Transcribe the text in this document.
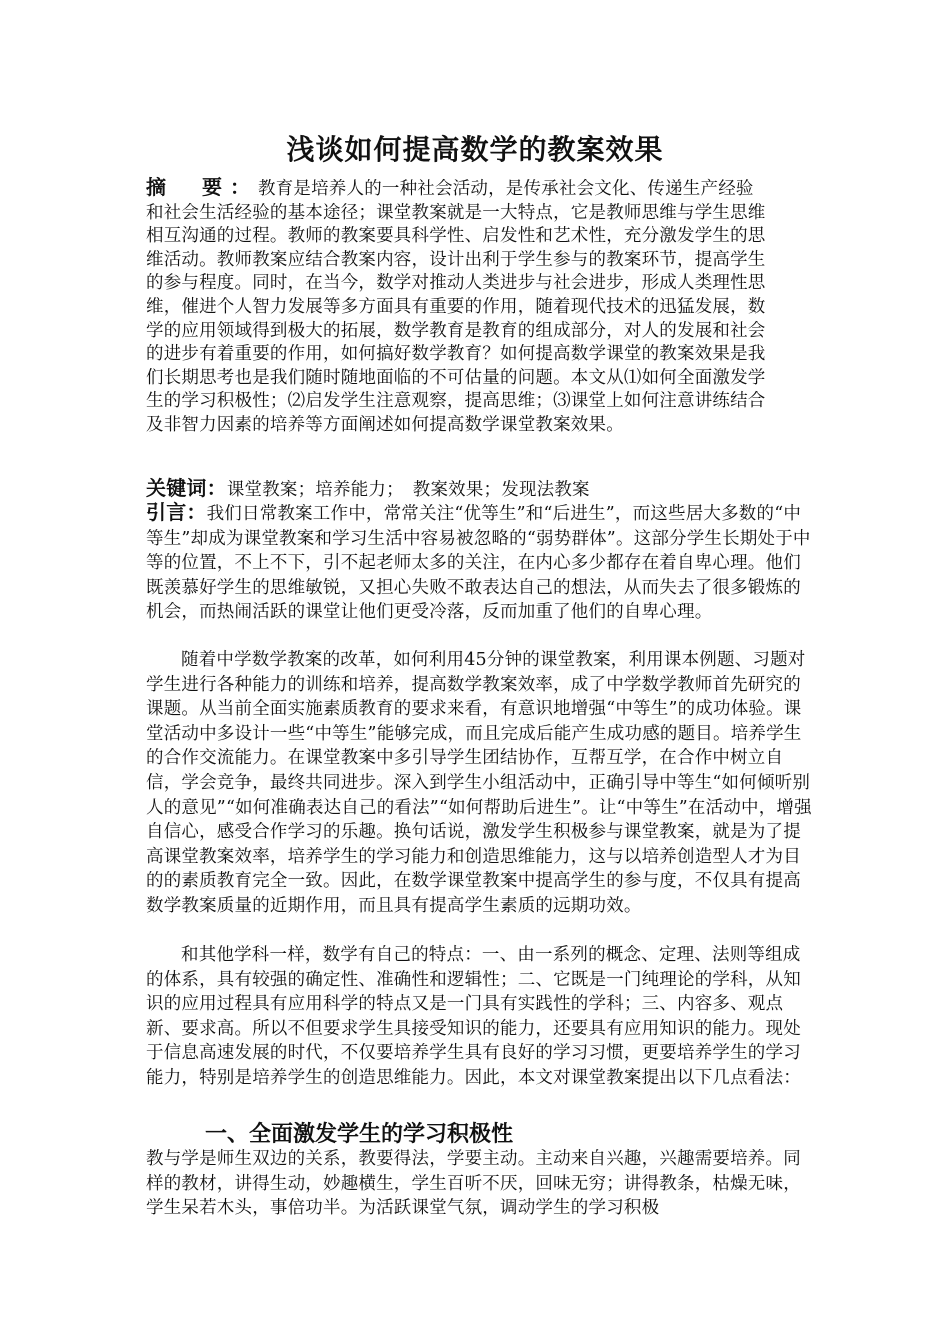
浅谈如何提高数学的教案效果

摘　要：教育是培养人的一种社会活动，是传承社会文化、传递生产经验和社会生活经验的基本途径；课堂教案就是一大特点，它是教师思维与学生思维相互沟通的过程。教师的教案要具科学性、启发性和艺术性，充分激发学生的思维活动。教师教案应结合教案内容，设计出利于学生参与的教案环节，提高学生的参与程度。同时，在当今，数学对推动人类进步与社会进步，形成人类理性思维，催进个人智力发展等多方面具有重要的作用，随着现代技术的迅猛发展，数学的应用领域得到极大的拓展，数学教育是教育的组成部分，对人的发展和社会的进步有着重要的作用，如何搞好数学教育？如何提高数学课堂的教案效果是我们长期思考也是我们随时随地面临的不可估量的问题。本文从⑴如何全面激发学生的学习积极性；⑵启发学生注意观察，提高思维；⑶课堂上如何注意讲练结合及非智力因素的培养等方面阐述如何提高数学课堂教案效果。

关键词：课堂教案；培养能力；　教案效果；发现法教案

引言：我们日常教案工作中，常常关注“优等生”和“后进生”，而这些居大多数的“中等生”却成为课堂教案和学习生活中容易被忽略的“弱势群体”。这部分学生长期处于中等的位置，不上不下，引不起老师太多的关注，在内心多少都存在着自卑心理。他们既羡慕好学生的思维敏锐，又担心失败不敢表达自己的想法，从而失去了很多锻炼的机会，而热闹活跃的课堂让他们更受冷落，反而加重了他们的自卑心理。

随着中学数学教案的改革，如何利用45分钟的课堂教案，利用课本例题、习题对学生进行各种能力的训练和培养，提高数学教案效率，成了中学数学教师首先研究的课题。从当前全面实施素质教育的要求来看，有意识地增强“中等生”的成功体验。课堂活动中多设计一些“中等生”能够完成，而且完成后能产生成功感的题目。培养学生的合作交流能力。在课堂教案中多引导学生团结协作，互帮互学，在合作中树立自信，学会竞争，最终共同进步。深入到学生小组活动中，正确引导中等生“如何倾听别人的意见”“如何准确表达自己的看法”“如何帮助后进生”。让“中等生”在活动中，增强自信心，感受合作学习的乐趣。换句话说，激发学生积极参与课堂教案，就是为了提高课堂教案效率，培养学生的学习能力和创造思维能力，这与以培养创造型人才为目的的素质教育完全一致。因此，在数学课堂教案中提高学生的参与度，不仅具有提高数学教案质量的近期作用，而且具有提高学生素质的远期功效。

和其他学科一样，数学有自己的特点：一、由一系列的概念、定理、法则等组成的体系，具有较强的确定性、准确性和逻辑性；二、它既是一门纯理论的学科，从知识的应用过程具有应用科学的特点又是一门具有实践性的学科；三、内容多、观点新、要求高。所以不但要求学生具接受知识的能力，还要具有应用知识的能力。现处于信息高速发展的时代，不仅要培养学生具有良好的学习习惯，更要培养学生的学习能力，特别是培养学生的创造思维能力。因此，本文对课堂教案提出以下几点看法：

一、全面激发学生的学习积极性

教与学是师生双边的关系，教要得法，学要主动。主动来自兴趣，兴趣需要培养。同样的教材，讲得生动，妙趣横生，学生百听不厌，回味无穷；讲得教条，枯燥无味，学生呆若木头，事倍功半。为活跃课堂气氛，调动学生的学习积极
